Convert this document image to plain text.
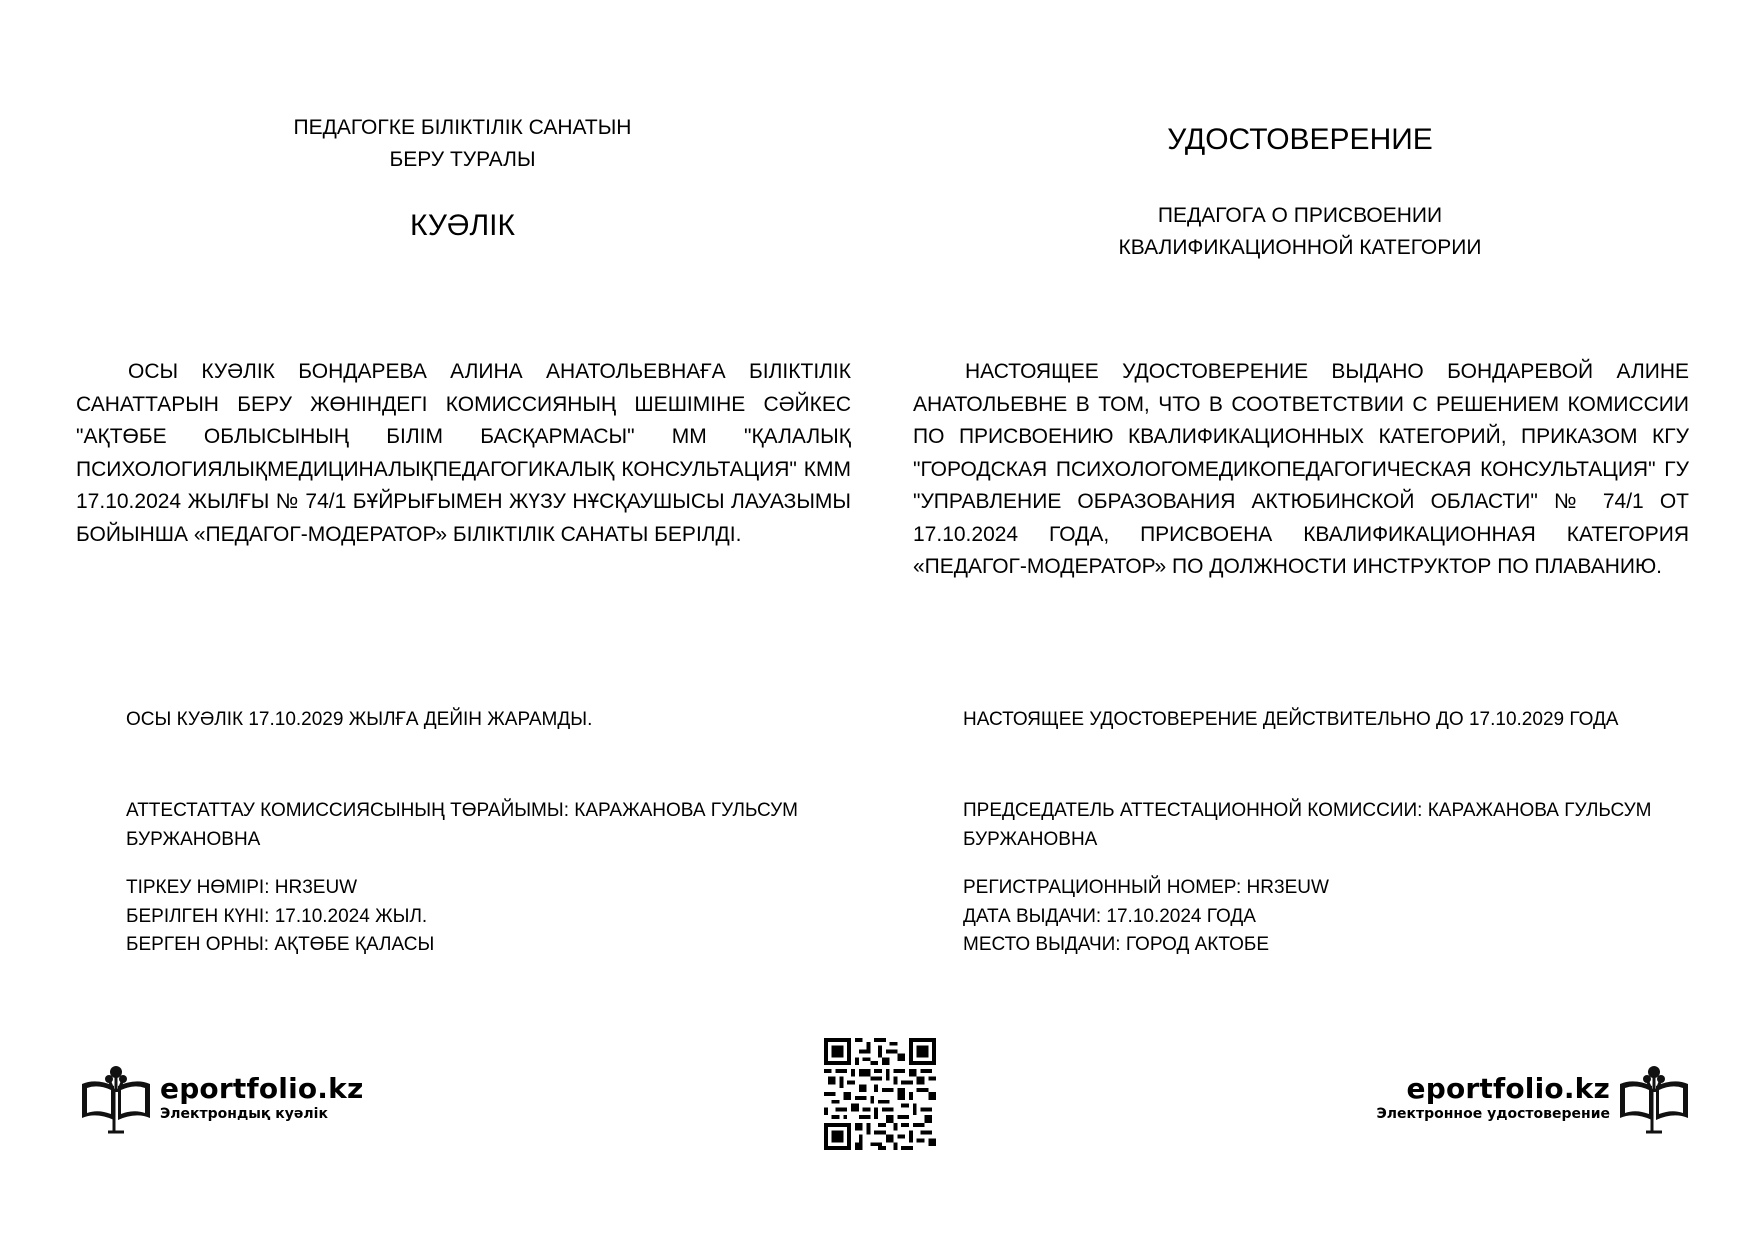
ПЕДАГОГКЕ БІЛІКТІЛІК САНАТЫН
БЕРУ ТУРАЛЫ
КУӘЛІК
ОСЫ КУӘЛІК БОНДАРЕВА АЛИНА АНАТОЛЬЕВНАҒА БІЛІКТІЛІК САНАТТАРЫН БЕРУ ЖӨНІНДЕГІ КОМИССИЯНЫҢ ШЕШІМІНЕ СӘЙКЕС "АҚТӨБЕ ОБЛЫСЫНЫҢ БІЛІМ БАСҚАРМАСЫ" ММ "ҚАЛАЛЫҚ ПСИХОЛОГИЯЛЫҚМЕДИЦИНАЛЫҚПЕДАГОГИКАЛЫҚ КОНСУЛЬТАЦИЯ" КММ 17.10.2024 ЖЫЛҒЫ № 74/1 БҰЙРЫҒЫМЕН ЖҮЗУ НҰСҚАУШЫСЫ ЛАУАЗЫМЫ БОЙЫНША «ПЕДАГОГ-МОДЕРАТОР» БІЛІКТІЛІК САНАТЫ БЕРІЛДІ.
ОСЫ КУӘЛІК 17.10.2029 ЖЫЛҒА ДЕЙІН ЖАРАМДЫ.
АТТЕСТАТТАУ КОМИССИЯСЫНЫҢ ТӨРАЙЫМЫ: КАРАЖАНОВА ГУЛЬСУМ БУРЖАНОВНА
ТІРКЕУ НӨМІРІ: HR3EUW
БЕРІЛГЕН КҮНІ: 17.10.2024 ЖЫЛ.
БЕРГЕН ОРНЫ: АҚТӨБЕ ҚАЛАСЫ
УДОСТОВЕРЕНИЕ
ПЕДАГОГА О ПРИСВОЕНИИ
КВАЛИФИКАЦИОННОЙ КАТЕГОРИИ
НАСТОЯЩЕЕ УДОСТОВЕРЕНИЕ ВЫДАНО БОНДАРЕВОЙ АЛИНЕ АНАТОЛЬЕВНЕ В ТОМ, ЧТО В СООТВЕТСТВИИ С РЕШЕНИЕМ КОМИССИИ ПО ПРИСВОЕНИЮ КВАЛИФИКАЦИОННЫХ КАТЕГОРИЙ, ПРИКАЗОМ КГУ "ГОРОДСКАЯ ПСИХОЛОГОМЕДИКОПЕДАГОГИЧЕСКАЯ КОНСУЛЬТАЦИЯ" ГУ "УПРАВЛЕНИЕ ОБРАЗОВАНИЯ АКТЮБИНСКОЙ ОБЛАСТИ" № 74/1 ОТ 17.10.2024 ГОДА, ПРИСВОЕНА КВАЛИФИКАЦИОННАЯ КАТЕГОРИЯ «ПЕДАГОГ-МОДЕРАТОР» ПО ДОЛЖНОСТИ ИНСТРУКТОР ПО ПЛАВАНИЮ.
НАСТОЯЩЕЕ УДОСТОВЕРЕНИЕ ДЕЙСТВИТЕЛЬНО ДО 17.10.2029 ГОДА
ПРЕДСЕДАТЕЛЬ АТТЕСТАЦИОННОЙ КОМИССИИ: КАРАЖАНОВА ГУЛЬСУМ БУРЖАНОВНА
РЕГИСТРАЦИОННЫЙ НОМЕР: HR3EUW
ДАТА ВЫДАЧИ: 17.10.2024 ГОДА
МЕСТО ВЫДАЧИ: ГОРОД АКТОБЕ
eportfolio.kz
Электрондық куәлік
eportfolio.kz
Электронное удостоверение
